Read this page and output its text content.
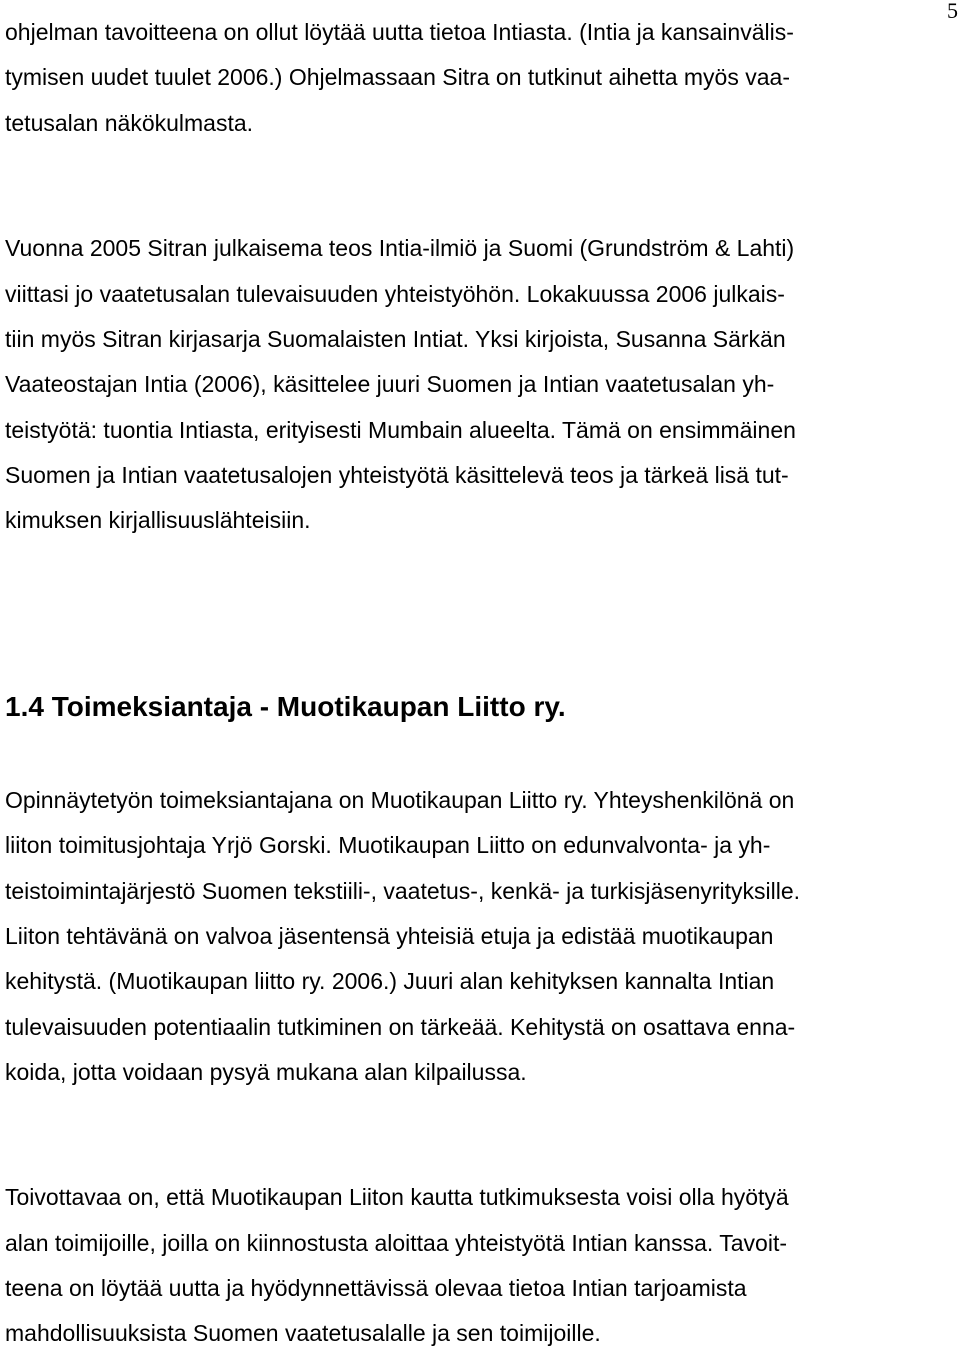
5
ohjelman tavoitteena on ollut löytää uutta tietoa Intiasta. (Intia ja kansainvälis-
tymisen uudet tuulet 2006.) Ohjelmassaan Sitra on tutkinut aihetta myös vaa-
tetusalan näkökulmasta.
Vuonna 2005 Sitran julkaisema teos Intia-ilmiö ja Suomi (Grundström & Lahti)
viittasi jo vaatetusalan tulevaisuuden yhteistyöhön. Lokakuussa 2006 julkais-
tiin myös Sitran kirjasarja Suomalaisten Intiat. Yksi kirjoista, Susanna Särkän
Vaateostajan Intia (2006), käsittelee juuri Suomen ja Intian vaatetusalan yh-
teistyötä: tuontia Intiasta, erityisesti Mumbain alueelta. Tämä on ensimmäinen
Suomen ja Intian vaatetusalojen yhteistyötä käsittelevä teos ja tärkeä lisä tut-
kimuksen kirjallisuuslähteisiin.
1.4 Toimeksiantaja - Muotikaupan Liitto ry.
Opinnäytetyön toimeksiantajana on Muotikaupan Liitto ry. Yhteyshenkilönä on
liiton toimitusjohtaja Yrjö Gorski. Muotikaupan Liitto on edunvalvonta- ja yh-
teistoimintajärjestö Suomen tekstiili-, vaatetus-, kenkä- ja turkisjäsenyrityksille.
Liiton tehtävänä on valvoa jäsentensä yhteisiä etuja ja edistää muotikaupan
kehitystä. (Muotikaupan liitto ry. 2006.) Juuri alan kehityksen kannalta Intian
tulevaisuuden potentiaalin tutkiminen on tärkeää. Kehitystä on osattava enna-
koida, jotta voidaan pysyä mukana alan kilpailussa.
Toivottavaa on, että Muotikaupan Liiton kautta tutkimuksesta voisi olla hyötyä
alan toimijoille, joilla on kiinnostusta aloittaa yhteistyötä Intian kanssa. Tavoit-
teena on löytää uutta ja hyödynnettävissä olevaa tietoa Intian tarjoamista
mahdollisuuksista Suomen vaatetusalalle ja sen toimijoille.
